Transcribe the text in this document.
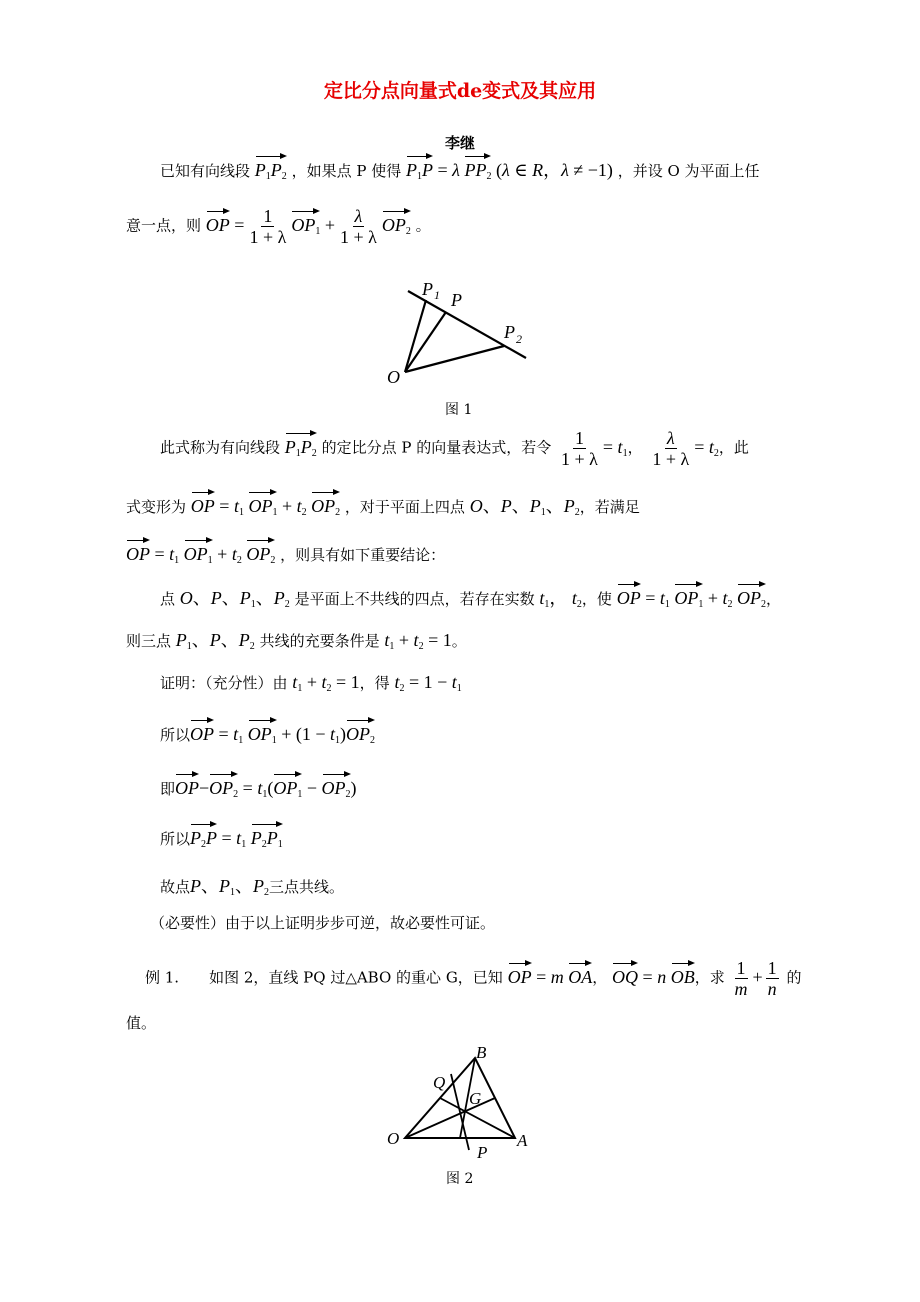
定比分点向量式de变式及其应用
李继
已知有向线段 $P_1P_2$ ，如果点 P 使得 $P_1P = \lambda$ $PP_2$ (λ ∈ R，λ ≠ −1) ，并设 O 为平面上任
意一点，则 OP = $\frac{1}{1 + \lambda} OP_1 + \frac{\lambda}{1 + \lambda} OP_2$ 。
O
P 1 P
P 2
图 1
此式称为有向线段 $P_1P_2$ 的定比分点 P 的向量表达式，若令 $\frac{1}{1 + \lambda} = t_1$， $\frac{\lambda}{1 + \lambda} = t_2$，此
式变形为 OP = $t_1$ $OP_1 + t_2$ $OP_2$ ，对于平面上四点 O、P、$P_1$、$P_2$，若满足
OP = $t_1$ $OP_1 + t_2$ $OP_2$ ，则具有如下重要结论：
点 O、P、$P_1$、$P_2$ 是平面上不共线的四点，若存在实数 $t_1$， $t_2$，使 OP = $t_1$ $OP_1 + t_2$ $OP_2$，
则三点 $P_1$、P、$P_2$ 共线的充要条件是 $t_1 + t_2 = 1$。
证明：（充分性）由 $t_1 + t_2 = 1$，得 $t_2 = 1 - t_1$
所以OP = $t_1$ $OP_1 + (1 - t_1)OP_2$
即$OP-OP_2 = t_1(OP_1 - OP_2)$
所以$P_2P = t_1$ $P_2P_1$
故点P、$P_1$、$P_2$三点共线。
（必要性）由于以上证明步步可逆，故必要性可证。
例 1.　　如图 2，直线 PQ 过△ABO 的重心 G，已知 OP = m OA， OQ = n OB，求 $\frac{1}{m} + \frac{1}{n}$ 的
值。
O	A
B
G
Q
P
图 2
